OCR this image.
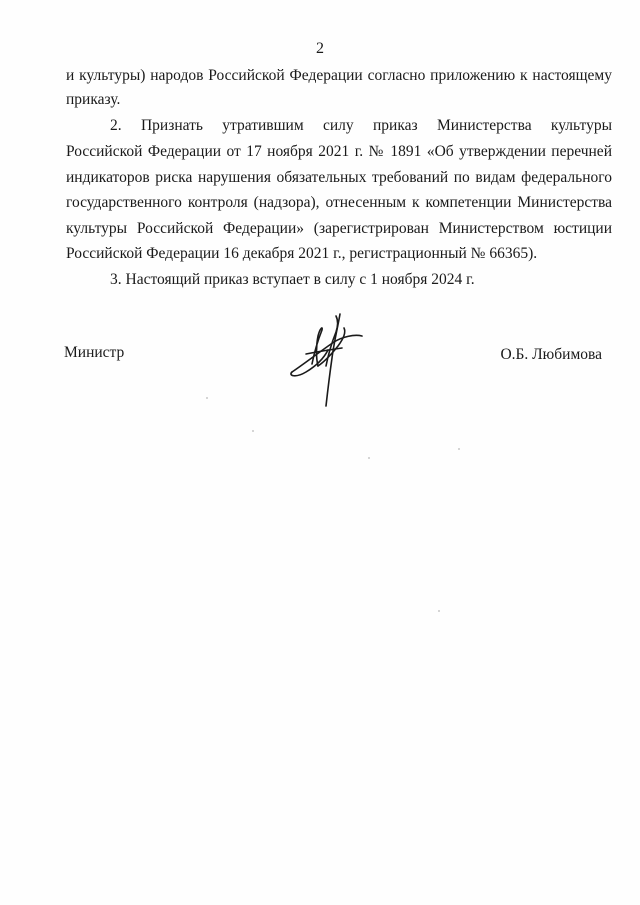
2
и культуры) народов Российской Федерации согласно приложению к настоящему
приказу.
2. Признать утратившим силу приказ Министерства культуры
Российской Федерации от 17 ноября 2021 г. № 1891 «Об утверждении перечней
индикаторов риска нарушения обязательных требований по видам федерального
государственного контроля (надзора), отнесенным к компетенции Министерства
культуры Российской Федерации» (зарегистрирован Министерством юстиции
Российской Федерации 16 декабря 2021 г., регистрационный № 66365).
3. Настоящий приказ вступает в силу с 1 ноября 2024 г.
Министр	О.Б. Любимова
